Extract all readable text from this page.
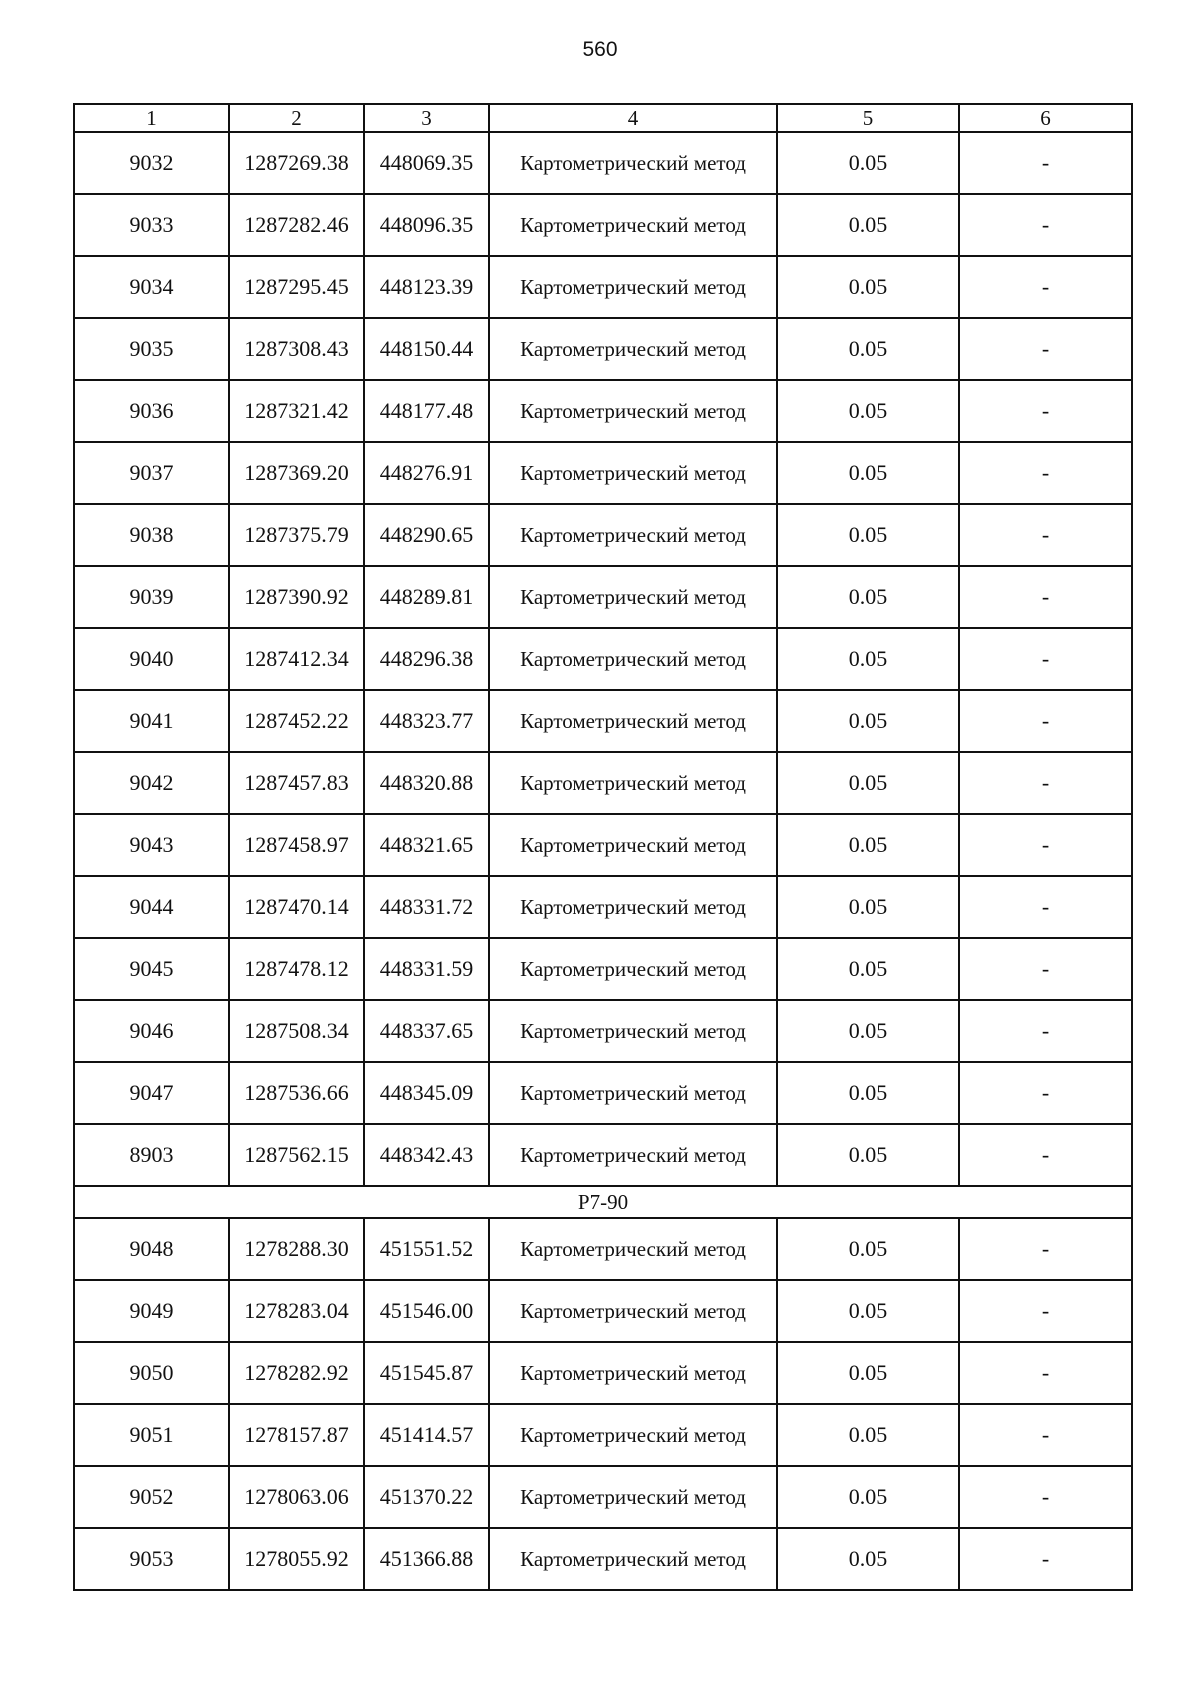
560
1	2	3	4	5	6
9032	1287269.38	448069.35	Картометрический метод	0.05	-
9033	1287282.46	448096.35	Картометрический метод	0.05	-
9034	1287295.45	448123.39	Картометрический метод	0.05	-
9035	1287308.43	448150.44	Картометрический метод	0.05	-
9036	1287321.42	448177.48	Картометрический метод	0.05	-
9037	1287369.20	448276.91	Картометрический метод	0.05	-
9038	1287375.79	448290.65	Картометрический метод	0.05	-
9039	1287390.92	448289.81	Картометрический метод	0.05	-
9040	1287412.34	448296.38	Картометрический метод	0.05	-
9041	1287452.22	448323.77	Картометрический метод	0.05	-
9042	1287457.83	448320.88	Картометрический метод	0.05	-
9043	1287458.97	448321.65	Картометрический метод	0.05	-
9044	1287470.14	448331.72	Картометрический метод	0.05	-
9045	1287478.12	448331.59	Картометрический метод	0.05	-
9046	1287508.34	448337.65	Картометрический метод	0.05	-
9047	1287536.66	448345.09	Картометрический метод	0.05	-
8903	1287562.15	448342.43	Картометрический метод	0.05	-
Р7-90					
9048	1278288.30	451551.52	Картометрический метод	0.05	-
9049	1278283.04	451546.00	Картометрический метод	0.05	-
9050	1278282.92	451545.87	Картометрический метод	0.05	-
9051	1278157.87	451414.57	Картометрический метод	0.05	-
9052	1278063.06	451370.22	Картометрический метод	0.05	-
9053	1278055.92	451366.88	Картометрический метод	0.05	-
